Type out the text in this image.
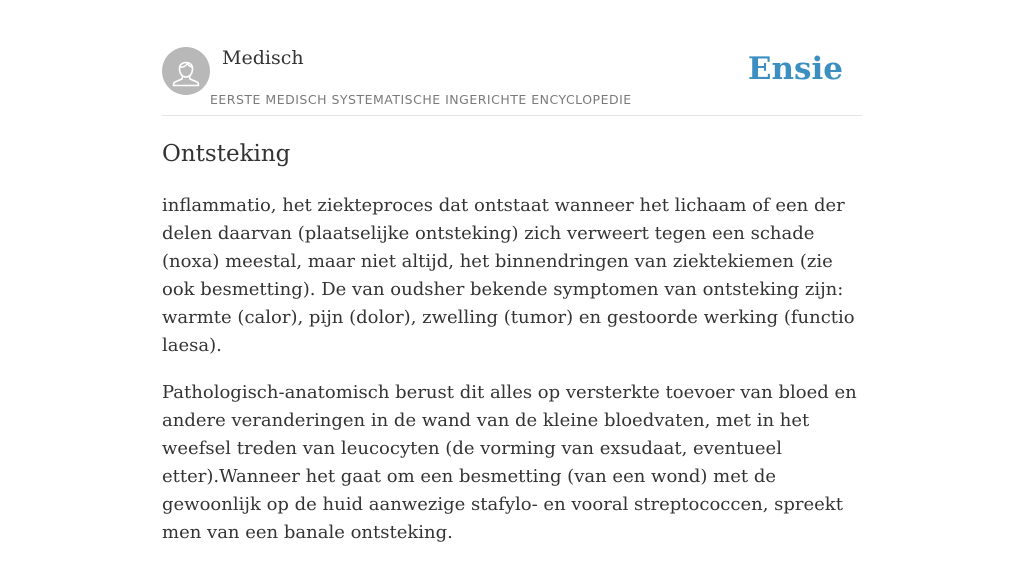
Medisch
EERSTE MEDISCH SYSTEMATISCHE INGERICHTE ENCYCLOPEDIE
Ensie
Ontsteking

inflammatio, het ziekteproces dat ontstaat wanneer het lichaam of een der delen daarvan (plaatselijke ontsteking) zich verweert tegen een schade (noxa) meestal, maar niet altijd, het binnendringen van ziektekiemen (zie ook besmetting). De van oudsher bekende symptomen van ontsteking zijn: warmte (calor), pijn (dolor), zwelling (tumor) en gestoorde werking (functio laesa).

Pathologisch-anatomisch berust dit alles op versterkte toevoer van bloed en andere veranderingen in de wand van de kleine bloedvaten, met in het weefsel treden van leucocyten (de vorming van exsudaat, eventueel etter).Wanneer het gaat om een besmetting (van een wond) met de gewoonlijk op de huid aanwezige stafylo- en vooral streptococcen, spreekt men van een banale ontsteking.
